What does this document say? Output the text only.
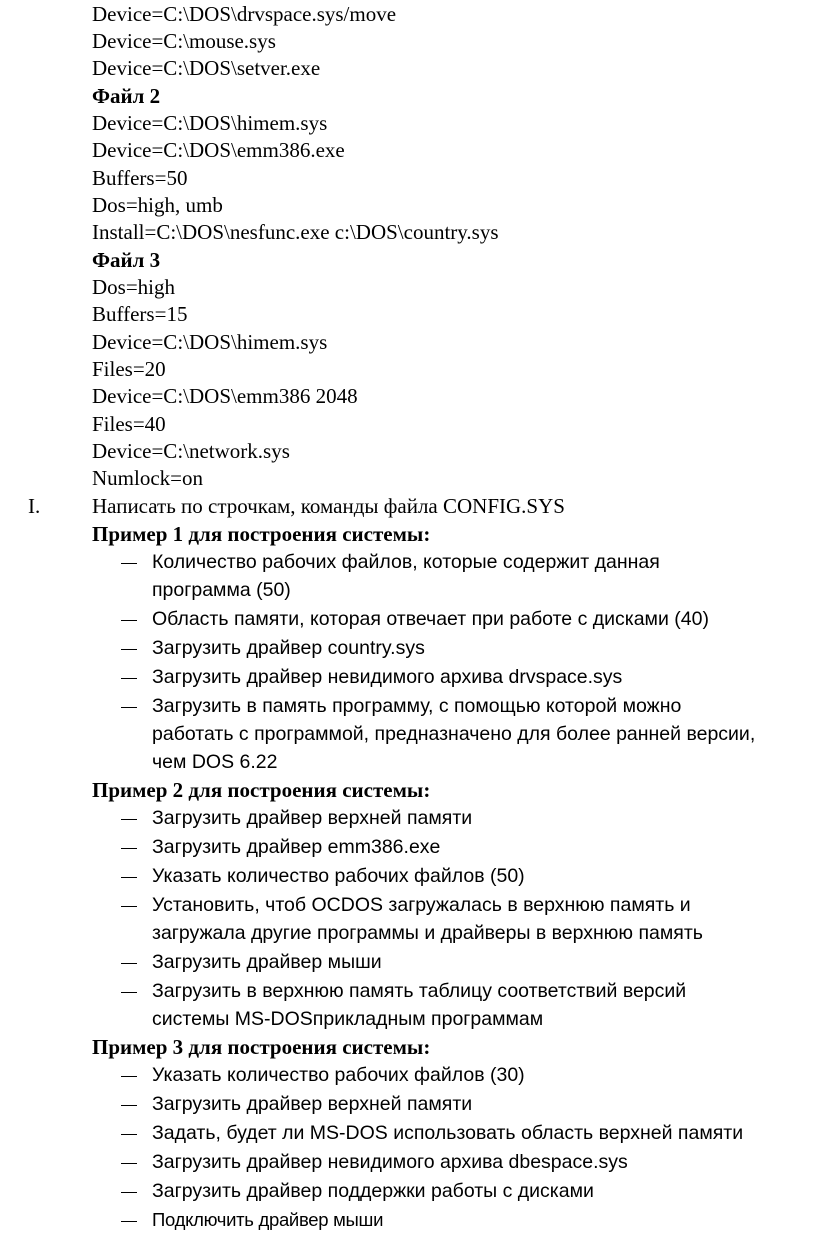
Device=C:\DOS\drvspace.sys/move
Device=C:\mouse.sys
Device=C:\DOS\setver.exe
Файл 2
Device=C:\DOS\himem.sys
Device=C:\DOS\emm386.exe
Buffers=50
Dos=high, umb
Install=C:\DOS\nesfunc.exe c:\DOS\country.sys
Файл 3
Dos=high
Buffers=15
Device=C:\DOS\himem.sys
Files=20
Device=C:\DOS\emm386 2048
Files=40
Device=C:\network.sys
Numlock=on
I. Написать по строчкам, команды файла CONFIG.SYS
Пример 1 для построения системы:
Количество рабочих файлов, которые содержит данная
программа (50)
Область памяти, которая отвечает при работе с дисками (40)
Загрузить драйвер country.sys
Загрузить драйвер невидимого архива drvspace.sys
Загрузить в память программу, с помощью которой можно
работать с программой, предназначено для более ранней версии,
чем DOS 6.22
Пример 2 для построения системы:
Загрузить драйвер верхней памяти
Загрузить драйвер emm386.exe
Указать количество рабочих файлов (50)
Установить, чтоб OCDOS загружалась в верхнюю память и
загружала другие программы и драйверы в верхнюю память
Загрузить драйвер мыши
Загрузить в верхнюю память таблицу соответствий версий
системы MS-DOSприкладным программам
Пример 3 для построения системы:
Указать количество рабочих файлов (30)
Загрузить драйвер верхней памяти
Задать, будет ли MS-DOS использовать область верхней памяти
Загрузить драйвер невидимого архива dbespace.sys
Загрузить драйвер поддержки работы с дисками
Подключить драйвер мыши
